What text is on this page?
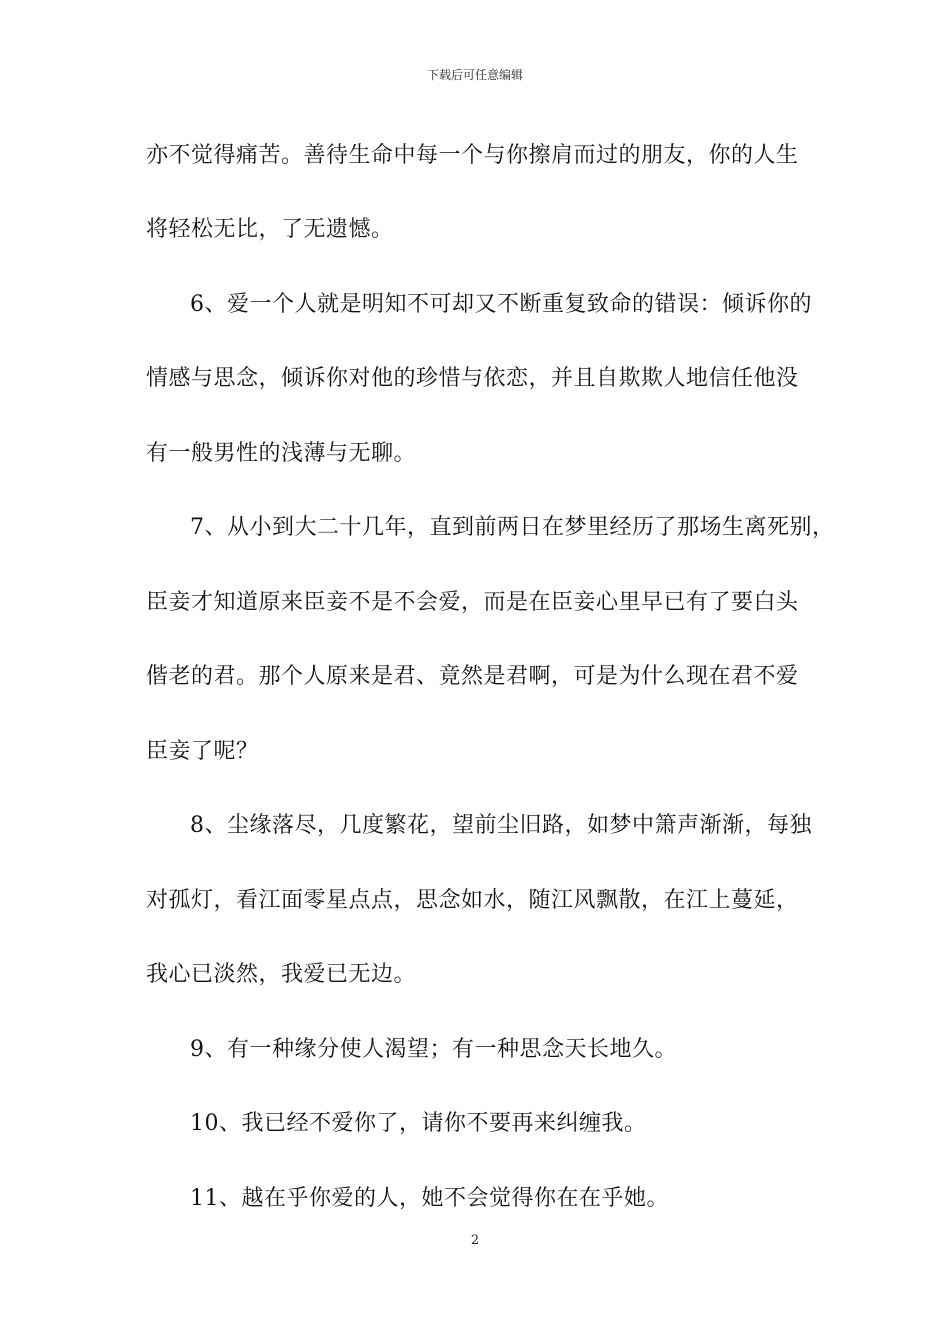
下载后可任意编辑
亦不觉得痛苦。善待生命中每一个与你擦肩而过的朋友，你的人生
将轻松无比，了无遗憾。
6、爱一个人就是明知不可却又不断重复致命的错误：倾诉你的
情感与思念，倾诉你对他的珍惜与依恋，并且自欺欺人地信任他没
有一般男性的浅薄与无聊。
7、从小到大二十几年，直到前两日在梦里经历了那场生离死别，
臣妾才知道原来臣妾不是不会爱，而是在臣妾心里早已有了要白头
偕老的君。那个人原来是君、竟然是君啊，可是为什么现在君不爱
臣妾了呢？
8、尘缘落尽，几度繁花，望前尘旧路，如梦中箫声渐渐，每独
对孤灯，看江面零星点点，思念如水，随江风飘散，在江上蔓延，
我心已淡然，我爱已无边。
9、有一种缘分使人渴望；有一种思念天长地久。
10、我已经不爱你了，请你不要再来纠缠我。
11、越在乎你爱的人，她不会觉得你在在乎她。
2
